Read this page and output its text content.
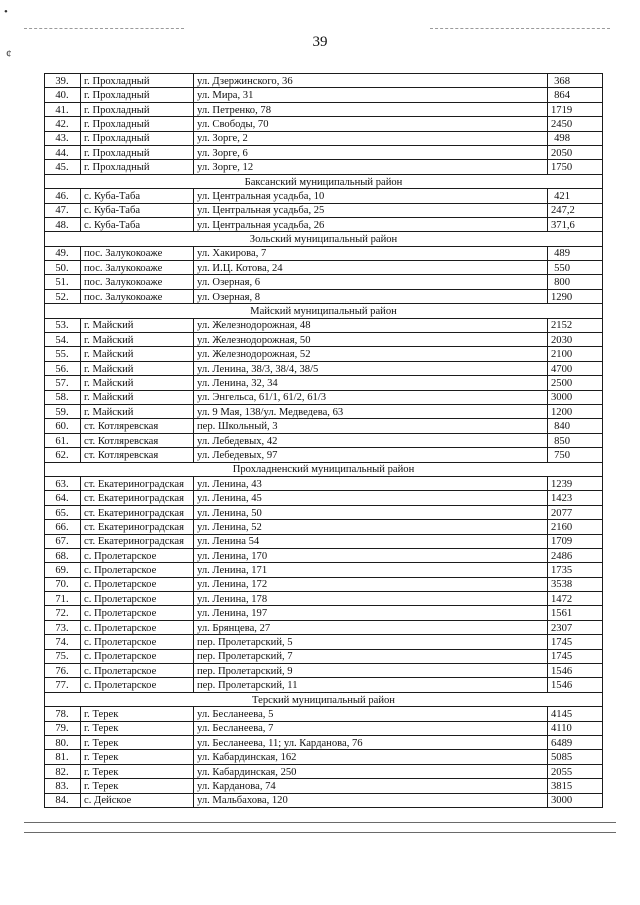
•
¢
39
39.	г. Прохладный	ул. Дзержинского, 36	368
40.	г. Прохладный	ул. Мира, 31	864
41.	г. Прохладный	ул. Петренко, 78	1719
42.	г. Прохладный	ул. Свободы, 70	2450
43.	г. Прохладный	ул. Зорге, 2	498
44.	г. Прохладный	ул. Зорге, 6	2050
45.	г. Прохладный	ул. Зорге, 12	1750
Баксанский муниципальный район			
46.	с. Куба-Таба	ул. Центральная усадьба, 10	421
47.	с. Куба-Таба	ул. Центральная усадьба, 25	247,2
48.	с. Куба-Таба	ул. Центральная усадьба, 26	371,6
Зольский муниципальный район			
49.	пос. Залукокоаже	ул. Хакирова, 7	489
50.	пос. Залукокоаже	ул. И.Ц. Котова, 24	550
51.	пос. Залукокоаже	ул. Озерная, 6	800
52.	пос. Залукокоаже	ул. Озерная, 8	1290
Майский муниципальный район			
53.	г. Майский	ул. Железнодорожная, 48	2152
54.	г. Майский	ул. Железнодорожная, 50	2030
55.	г. Майский	ул. Железнодорожная, 52	2100
56.	г. Майский	ул. Ленина, 38/3, 38/4, 38/5	4700
57.	г. Майский	ул. Ленина, 32, 34	2500
58.	г. Майский	ул. Энгельса, 61/1, 61/2, 61/3	3000
59.	г. Майский	ул. 9 Мая, 138/ул. Медведева, 63	1200
60.	ст. Котляревская	пер. Школьный, 3	840
61.	ст. Котляревская	ул. Лебедевых, 42	850
62.	ст. Котляревская	ул. Лебедевых, 97	750
Прохладненский муниципальный район			
63.	ст. Екатериноградская	ул. Ленина, 43	1239
64.	ст. Екатериноградская	ул. Ленина, 45	1423
65.	ст. Екатериноградская	ул. Ленина, 50	2077
66.	ст. Екатериноградская	ул. Ленина, 52	2160
67.	ст. Екатериноградская	ул. Ленина 54	1709
68.	с. Пролетарское	ул. Ленина, 170	2486
69.	с. Пролетарское	ул. Ленина, 171	1735
70.	с. Пролетарское	ул. Ленина, 172	3538
71.	с. Пролетарское	ул. Ленина, 178	1472
72.	с. Пролетарское	ул. Ленина, 197	1561
73.	с. Пролетарское	ул. Брянцева, 27	2307
74.	с. Пролетарское	пер. Пролетарский, 5	1745
75.	с. Пролетарское	пер. Пролетарский, 7	1745
76.	с. Пролетарское	пер. Пролетарский, 9	1546
77.	с. Пролетарское	пер. Пролетарский, 11	1546
Терский муниципальный район			
78.	г. Терек	ул. Бесланеева, 5	4145
79.	г. Терек	ул. Бесланеева, 7	4110
80.	г. Терек	ул. Бесланеева, 11; ул. Карданова, 76	6489
81.	г. Терек	ул. Кабардинская, 162	5085
82.	г. Терек	ул. Кабардинская, 250	2055
83.	г. Терек	ул. Карданова, 74	3815
84.	с. Дейское	ул. Мальбахова, 120	3000
